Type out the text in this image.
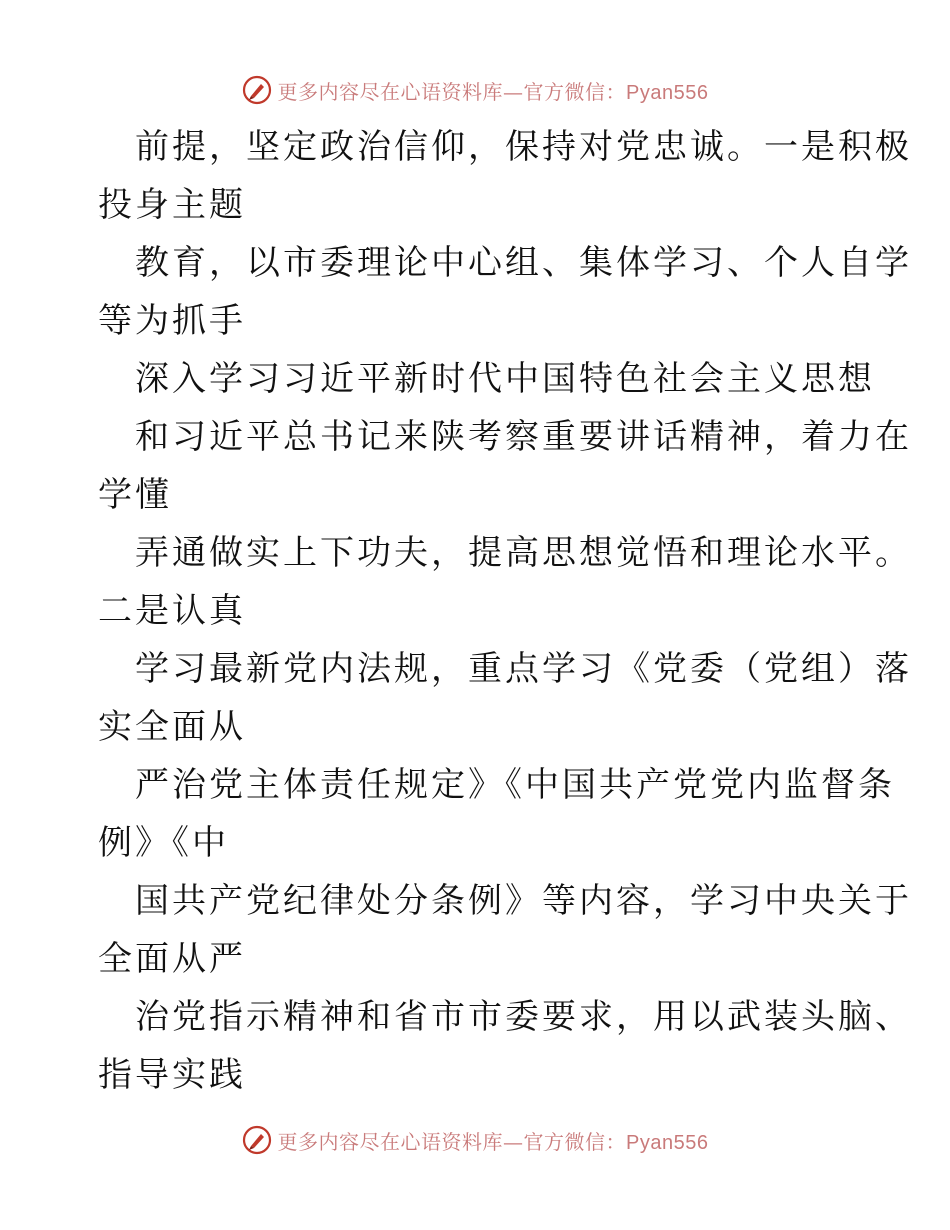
更多内容尽在心语资料库—官方微信：Pyan556
前提，坚定政治信仰，保持对党忠诚。一是积极
投身主题
教育，以市委理论中心组、集体学习、个人自学
等为抓手
深入学习习近平新时代中国特色社会主义思想
和习近平总书记来陕考察重要讲话精神，着力在
学懂
弄通做实上下功夫，提高思想觉悟和理论水平。
二是认真
学习最新党内法规，重点学习《党委（党组）落
实全面从
严治党主体责任规定》《中国共产党党内监督条
例》《中
国共产党纪律处分条例》等内容，学习中央关于
全面从严
治党指示精神和省市市委要求，用以武装头脑、
指导实践
更多内容尽在心语资料库—官方微信：Pyan556
